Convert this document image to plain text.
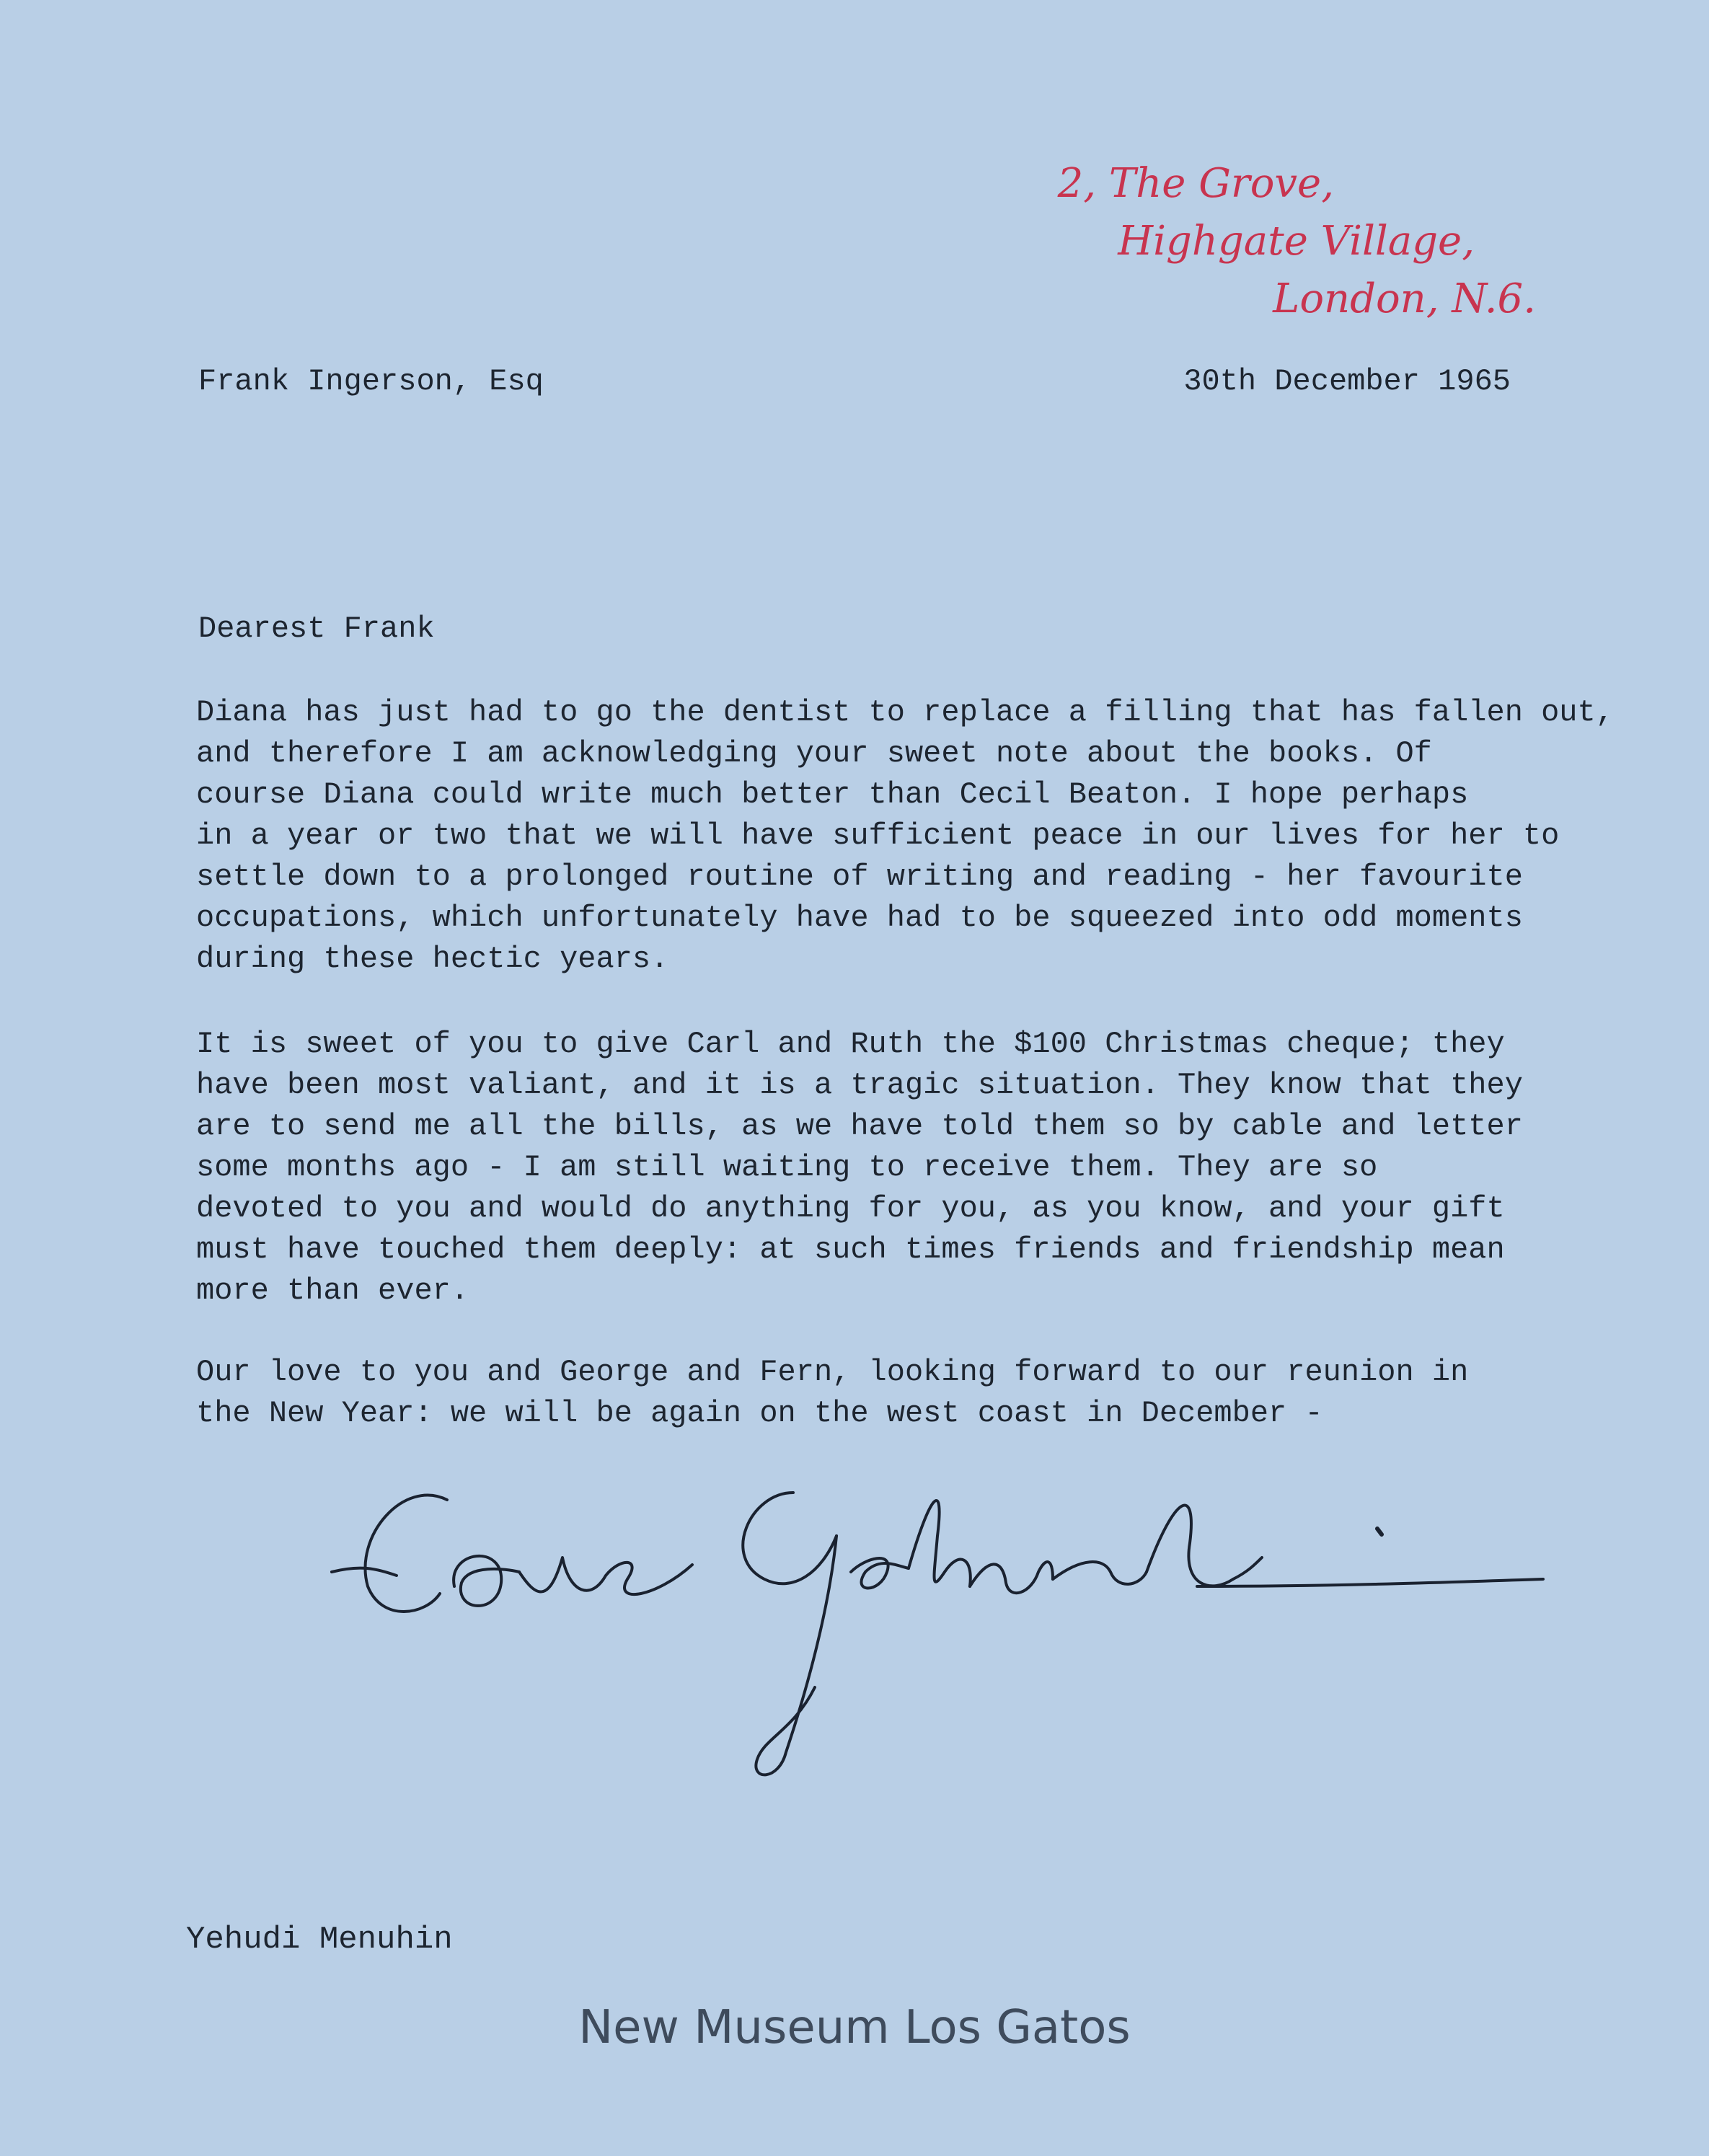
2, The Grove,
Highgate Village,
London, N.6.
Frank Ingerson, Esq	30th December 1965
Dearest Frank
Diana has just had to go the dentist to replace a filling that has fallen out,
and therefore I am acknowledging your sweet note about the books. Of
course Diana could write much better than Cecil Beaton. I hope perhaps
in a year or two that we will have sufficient peace in our lives for her to
settle down to a prolonged routine of writing and reading - her favourite
occupations, which unfortunately have had to be squeezed into odd moments
during these hectic years.
It is sweet of you to give Carl and Ruth the $100 Christmas cheque; they
have been most valiant, and it is a tragic situation. They know that they
are to send me all the bills, as we have told them so by cable and letter
some months ago - I am still waiting to receive them. They are so
devoted to you and would do anything for you, as you know, and your gift
must have touched them deeply: at such times friends and friendship mean
more than ever.
Our love to you and George and Fern, looking forward to our reunion in
the New Year: we will be again on the west coast in December -
Yehudi Menuhin
New Museum Los Gatos
